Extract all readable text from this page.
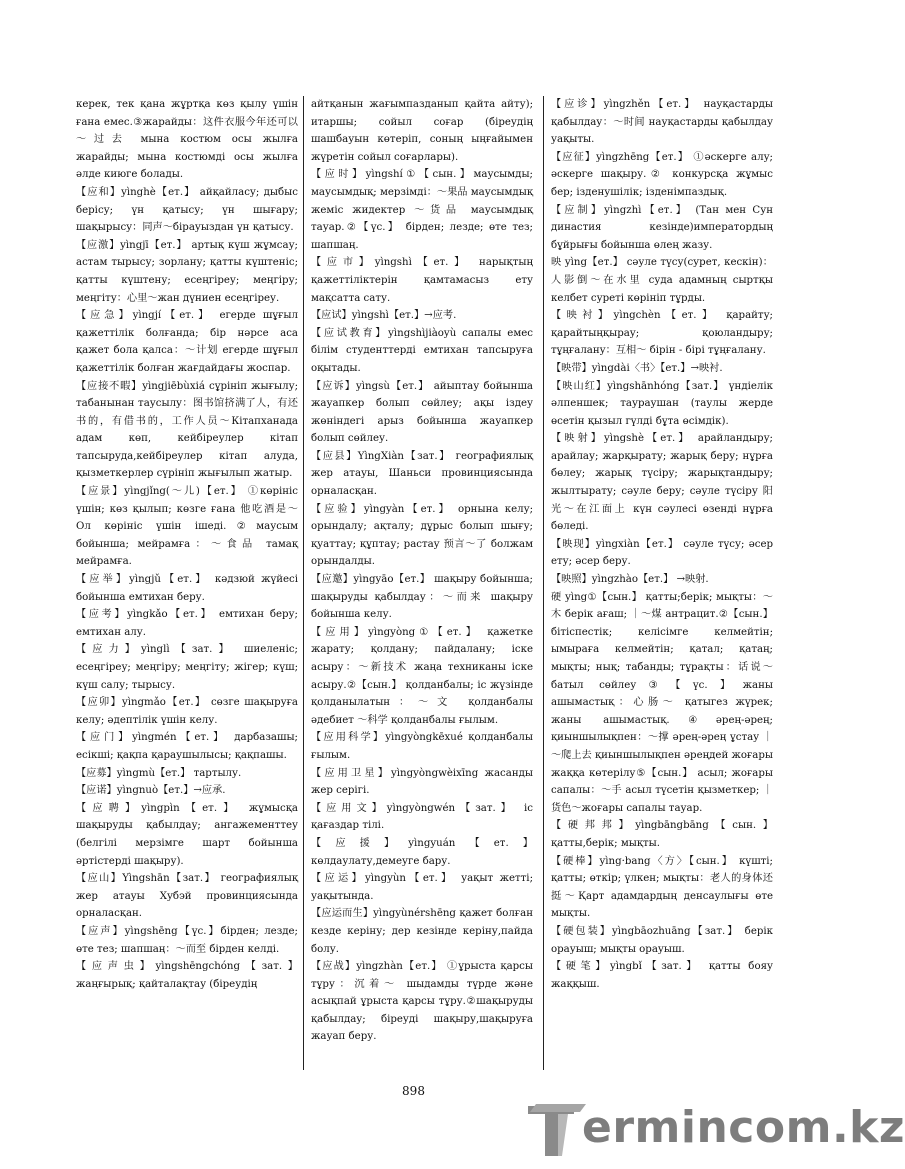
керек, тек қана жұртқа көз қылу үшін ғана емес.③жарайды：这件衣服今年还可以～过去 мына костюм осы жылға жарайды; мына костюмді осы жылға әлде киюге болады.

【应和】yìnghè【ет.】 айқайласу; дыбыс берісу; үн қатысу; үн шығару; шақырысу：同声～бірауыздан үн қатысу.

【应激】yìngjī【ет.】 артық күш жұмсау; астам тырысу; зорлану; қатты күштеніс; қатты күштену; есеңгіреу; меңгіру; меңгіту：心里～жан дүниен есеңгіреу.

【应急】yìngjí【ет.】 егерде шұғыл қажеттілік болғанда; бір нәрсе аса қажет бола қалса：～计划 егерде шұғыл қажеттілік болған жағдайдағы жоспар.

【应接不暇】yìngjiēbùxiá сұрініп жығылу; табанынан таусылу：图书馆挤满了人，有还书的，有借书的，工作人员～Кітапханада адам көп, кейбіреулер кітап тапсыруда,кейбіреулер кітап алуда, қызметкерлер сүрініп жығылып жатыр.

【应景】yìngjǐng(～儿)【ет.】 ①көрініс үшін; көз қылып; көзге ғана 他吃酒是～ Ол көрініс үшін ішеді.②маусым бойынша; мейрамға：～食品 тамақ мейрамға.

【应举】yìngjǔ【ет.】 кәдзюй жүйесі бойынша емтихан беру.

【应考】yìngkǎo【ет.】 емтихан беру; емтихан алу.

【应力】yìnglì【зат.】 шиеленіс; есеңгіреу; меңгіру; меңгіту; жігер; күш; күш салу; тырысу.

【应卯】yìngmǎo【ет.】 сөзге шақыруға келу; әдептілік үшін келу.

【应门】yìngmén【ет.】 дарбазашы; есікші; қақпа қараушылысы; қақпашы.

【应募】yìngmù【ет.】 тартылу.

【应诺】yìngnuò【ет.】→应承.

【应聘】yìngpìn【ет.】 жұмысқа шақыруды қабылдау; ангажементтеу (белгілі мерзімге шарт бойынша әртістерді шақыру).

【应山】Yìngshān【зат.】 географиялық жер атауы Хубэй провинциясында орналасқан.

【应声】yìngshēng【үс.】бірден; лезде; өте тез; шапшаң：～而至 бірден келді.

【应声虫】yìngshēngchóng【зат.】 жаңғырық; қайталақтау (біреудің

айтқанын жағымпазданып қайта айту); итаршы; сойыл соғар (біреудің шашбауын көтеріп, соның ыңғайымен жүретін сойыл соғарлары).

【应时】yìngshí①【сын.】маусымды; маусымдық; мерзімді：～果品 маусымдық жеміс жидектер ～货品 маусымдық тауар.②【үс.】 бірден; лезде; өте тез; шапшаң.

【应市】yìngshì【ет.】 нарықтың қажеттіліктерін қамтамасыз ету мақсатта сату.

【应试】yìngshì【ет.】→应考.

【应试教育】yìngshìjiàoyù сапалы емес білім студенттерді емтихан тапсыруға оқытады.

【应诉】yìngsù【ет.】 айыптау бойынша жауапкер болып сөйлеу; ақы іздеу жөніндегі арыз бойынша жауапкер болып сөйлеу.

【应县】YìngXiàn【зат.】 географиялық жер атауы, Шаньси провинциясында орналасқан.

【应验】yìngyàn【ет.】 орнына келу; орындалу; ақталу; дұрыс болып шығу; қуаттау; құптау; растау 预言～了 болжам орындалды.

【应邀】yìngyāo【ет.】 шақыру бойынша; шақыруды қабылдау：～而来 шақыру бойынша келу.

【应用】yìngyòng①【ет.】 қажетке жарату; қолдану; пайдалану; іске асыру：～新技术 жаңа техниканы іске асыру.②【сын.】 қолданбалы; іс жүзінде қолданылатын：～文 қолданбалы әдебиет ～科学 қолданбалы ғылым.

【应用科学】yìngyòngkēxué қолданбалы ғылым.

【应用卫星】yìngyòngwèixīng жасанды жер серігі.

【应用文】yìngyòngwén【зат.】 іс қағаздар тілі.

【应援】yìngyuán【ет.】 көлдаулату,демеуге бару.

【应运】yìngyùn【ет.】 уақыт жетті; уақытында.

【应运而生】yìngyùnérshēng қажет болған кезде керіну; дер кезінде керіну,пайда болу.

【应战】yìngzhàn【ет.】 ①ұрыста қарсы тұру：沉着～ шыдамды түрде және асықпай ұрыста қарсы тұру.②шақыруды қабылдау; біреуді шақыру,шақыруға жауап беру.

【应诊】yìngzhěn【ет.】 науқастарды қабылдау：～时间 науқастарды қабылдау уақыты.

【应征】yìngzhēng【ет.】 ①әскерге алу; әскерге шақыру.② конкурсқа жұмыс бер; ізденушілік; ізденімпаздық.

【应制】yìngzhì【ет.】 (Тан мен Сун династия кезінде)императордың бұйрығы бойынша өлең жазу.

映 yìng【ет.】 сәуле түсу(сурет, кескін)：人影倒～在水里 суда адамның сыртқы келбет суреті көрініп тұрды.

【映衬】yìngchèn【ет.】 қарайту; қарайтыңқырау; қоюландыру; тұңғалану：互相～ бірін - бірі тұңғалану.

【映带】yìngdài〈书〉【ет.】→映衬.

【映山红】yìngshānhóng【зат.】 үндіелік әлпеншек; таураушан (таулы жерде өсетін қызыл гүлді бұта өсімдік).

【映射】yìngshè【ет.】 арайландыру; арайлау; жарқырату; жарық беру; нұрға бөлеу; жарық түсіру; жарықтандыру; жылтырату; сәуле беру; сәуле түсіру 阳光～在江面上 күн сәулесі өзенді нұрға бөледі.

【映现】yìngxiàn【ет.】 сәуле түсу; әсер ету; әсер беру.

【映照】yìngzhào【ет.】 →映射.

硬 yìng①【сын.】 қатты;берік; мықты：～木 берік ағаш; ｜～煤 антрацит.②【сын.】 бітіспестік; келісімге келмейтін; ымыраға келмейтін; қатал; қатаң; мықты; нық; табанды; тұрақты：话说～батыл сөйлеу③【үс.】жаны ашымастық：心肠～ қатыгез жүрек; жаны ашымастық.④әрең-әрең; қиыншылықпен：～撑 әрең-әрең ұстау ｜～爬上去 қиыншылықпен әреңдей жоғары жаққа көтерілу⑤【сын.】 асыл; жоғары сапалы：～手 асыл түсетін қызметкер; ｜货色～жоғары сапалы тауар.

【硬邦邦】yìngbāngbāng【сын.】 қатты,берік; мықты.

【硬棒】yìng·bang〈方〉【сын.】 күшті; қатты; өткір; үлкен; мықты：老人的身体还挺～Қарт адамдардың денсаулығы өте мықты.

【硬包装】yìngbāozhuāng【зат.】 берік орауыш; мықты орауыш.

【硬笔】yìngbǐ【зат.】 қатты бояу жаққыш.

898
ermincom.kz
